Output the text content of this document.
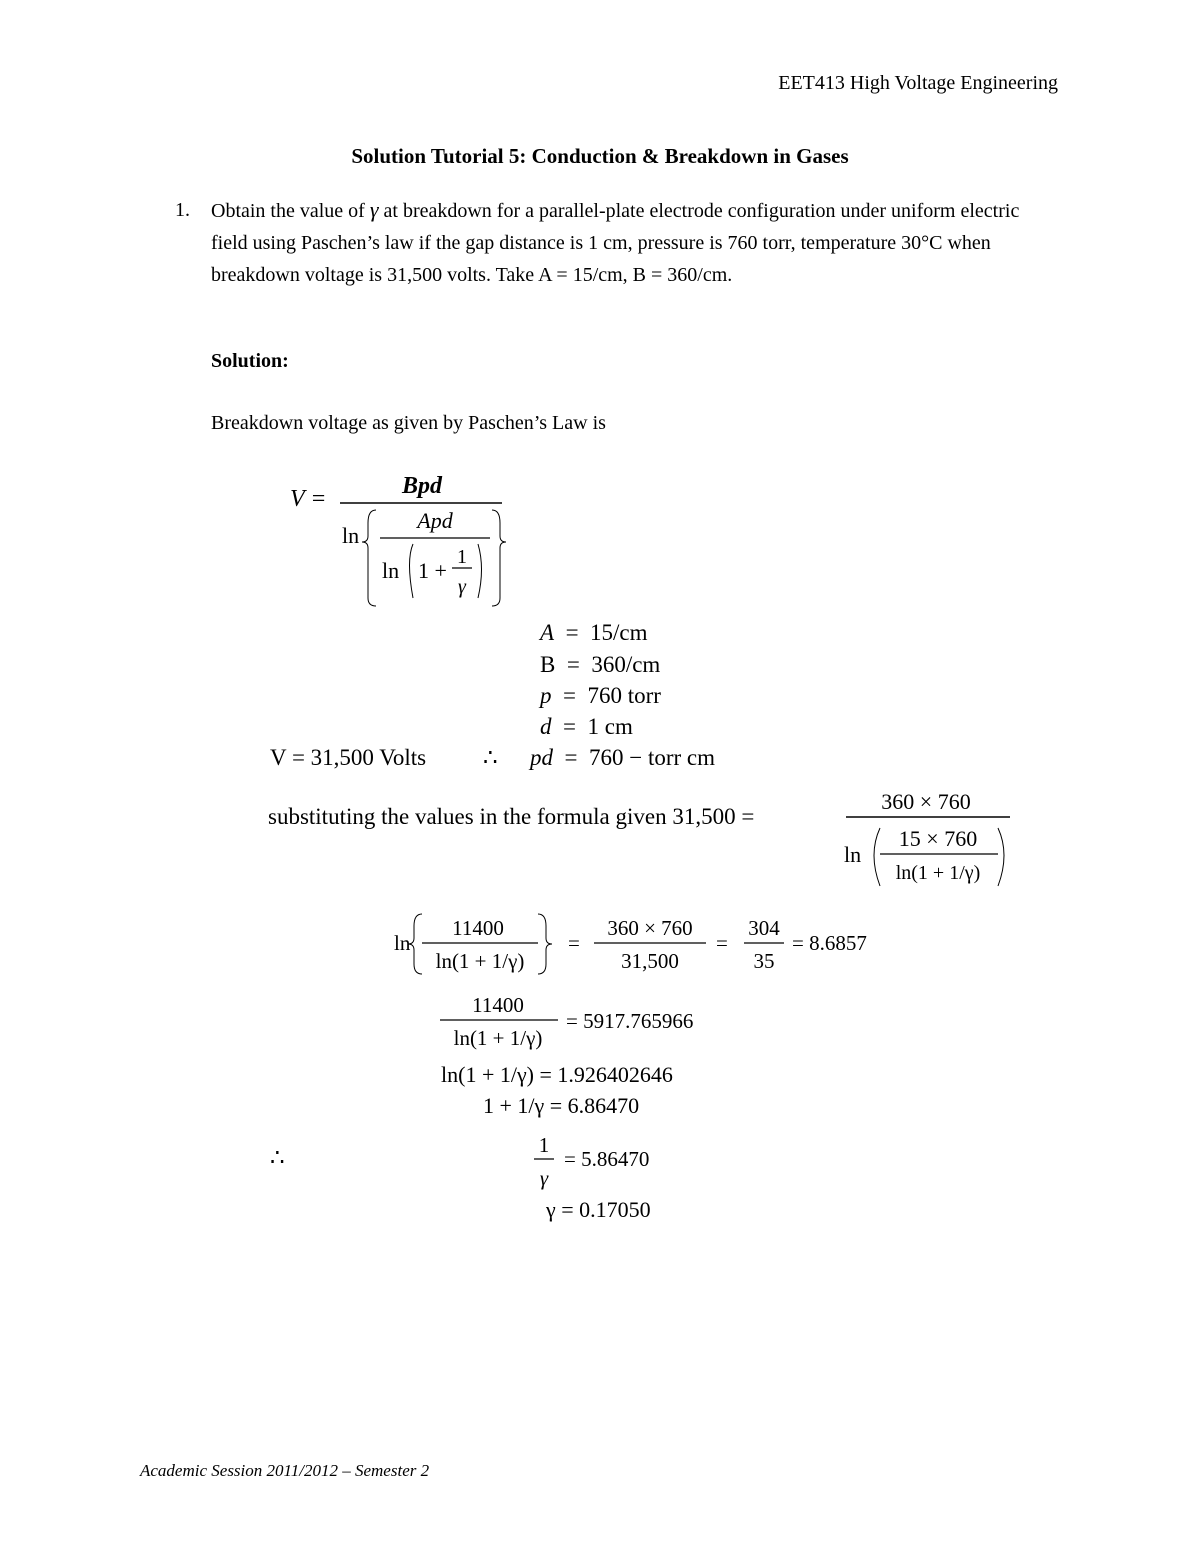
EET413 High Voltage Engineering
Solution Tutorial 5: Conduction & Breakdown in Gases
1. Obtain the value of γ at breakdown for a parallel-plate electrode configuration under uniform electric field using Paschen’s law if the gap distance is 1 cm, pressure is 760 torr, temperature 30°C when breakdown voltage is 31,500 volts. Take A = 15/cm, B = 360/cm.
Solution:
Breakdown voltage as given by Paschen’s Law is
V =	Bpd
ln
Apd
ln 1 +
1
γ
A = 15/cm
B = 360/cm
p = 760 torr
d = 1 cm
V = 31,500 Volts ∴ pd = 760 − torr cm
substituting the values in the formula given 31,500 =
360 × 760
ln
15 × 760
ln(1 + 1/γ)
ln
11400
ln(1 + 1/γ)
=
360 × 760
31,500
=
304
35
= 8.6857
11400
ln(1 + 1/γ)
= 5917.765966
ln(1 + 1/γ) = 1.926402646
1 + 1/γ = 6.86470
∴	1
γ
= 5.86470
γ = 0.17050
Academic Session 2011/2012 – Semester 2
